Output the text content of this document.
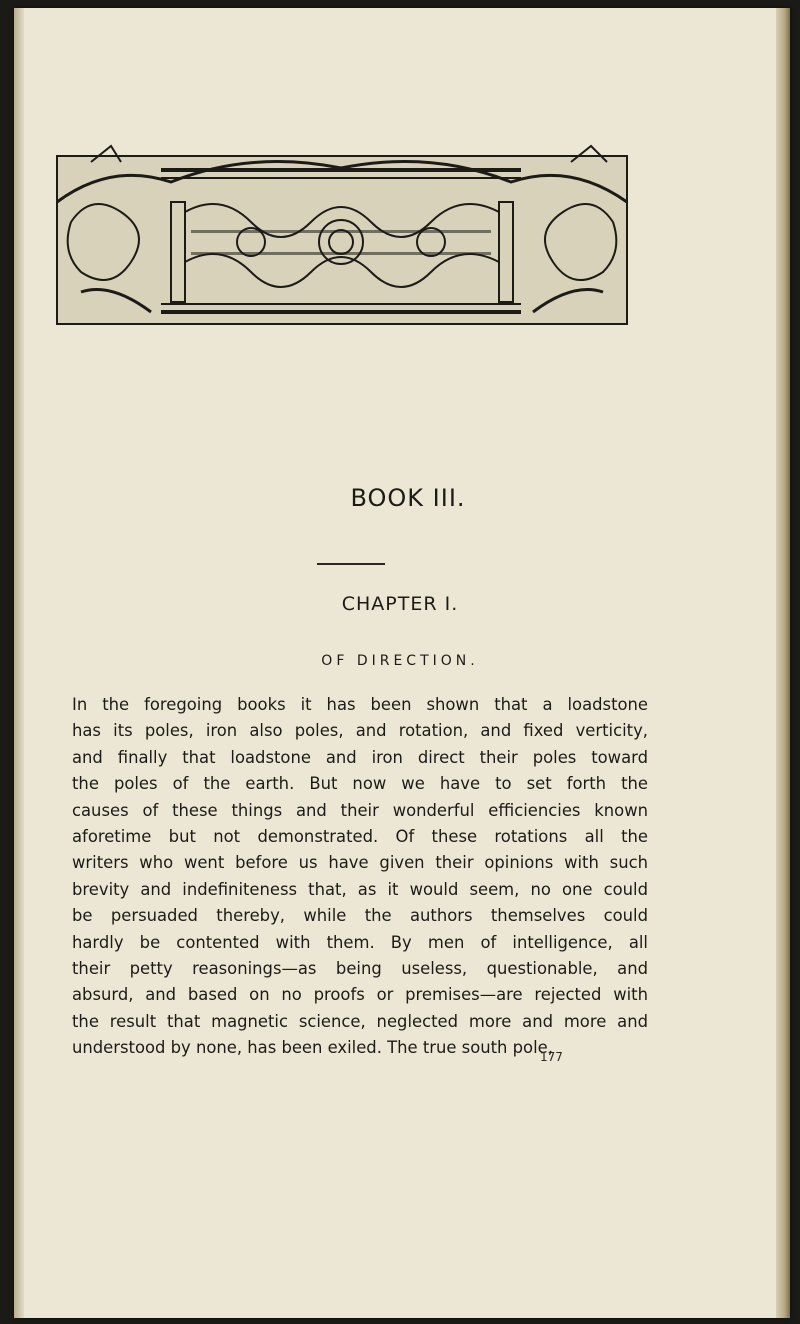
BOOK III.
CHAPTER I.
OF DIRECTION.
In the foregoing books it has been shown that a loadstone
has its poles, iron also poles, and rotation, and fixed verticity,
and finally that loadstone and iron direct their poles toward
the poles of the earth. But now we have to set forth the
causes of these things and their wonderful efficiencies known
aforetime but not demonstrated. Of these rotations all the
writers who went before us have given their opinions with such
brevity and indefiniteness that, as it would seem, no one could
be persuaded thereby, while the authors themselves could
hardly be contented with them. By men of intelligence, all
their petty reasonings—as being useless, questionable, and
absurd, and based on no proofs or premises—are rejected with
the result that magnetic science, neglected more and more and
understood by none, has been exiled. The true south pole,
177
